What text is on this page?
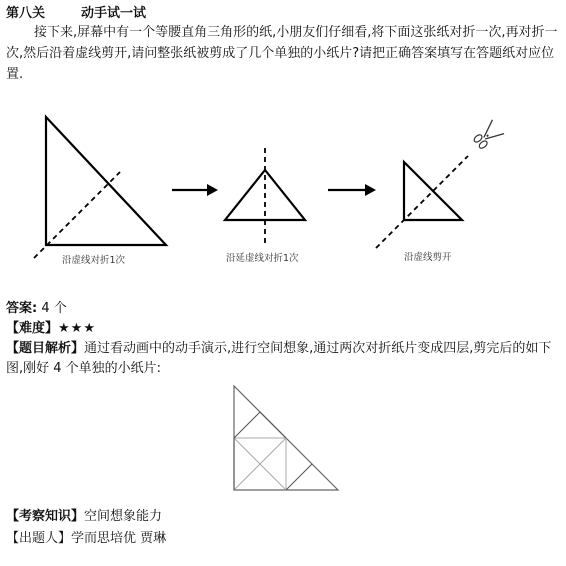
第八关	动手试一试
接下来,屏幕中有一个等腰直角三角形的纸,小朋友们仔细看,将下面这张纸对折一次,再对折一次,然后沿着虚线剪开,请问整张纸被剪成了几个单独的小纸片?请把正确答案填写在答题纸对应位置.
沿虚线对折1次	沿延虚线对折1次	沿虚线剪开
答案: 4 个
【难度】★★★
【题目解析】通过看动画中的动手演示,进行空间想象,通过两次对折纸片变成四层,剪完后的如下图,刚好 4 个单独的小纸片:
【考察知识】空间想象能力
【出题人】学而思培优 贾琳
